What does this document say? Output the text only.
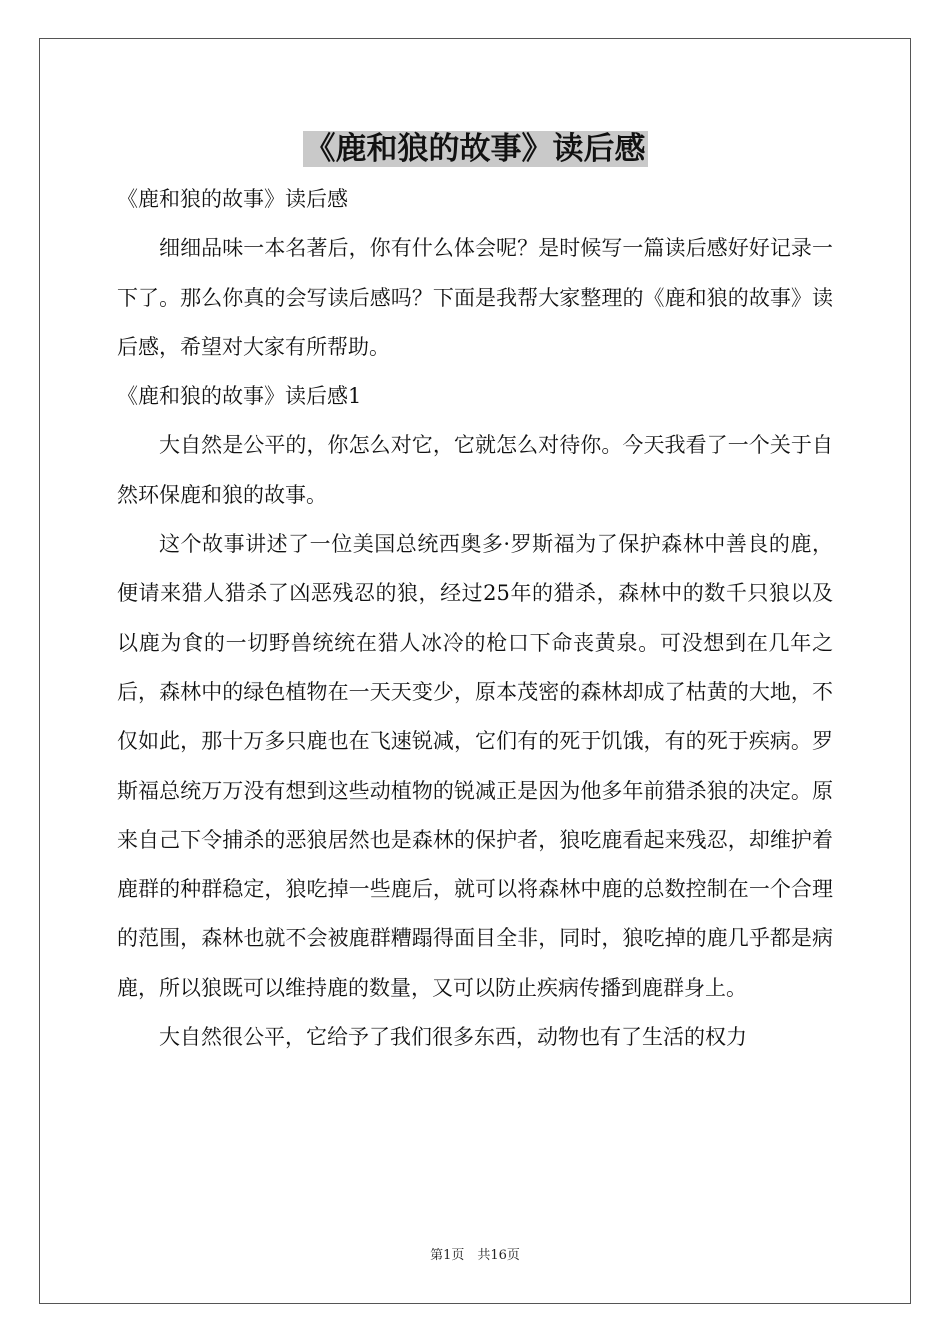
《鹿和狼的故事》读后感

《鹿和狼的故事》读后感

细细品味一本名著后，你有什么体会呢？是时候写一篇读后感好好记录一下了。那么你真的会写读后感吗？下面是我帮大家整理的《鹿和狼的故事》读后感，希望对大家有所帮助。

《鹿和狼的故事》读后感1

大自然是公平的，你怎么对它，它就怎么对待你。今天我看了一个关于自然环保鹿和狼的故事。

这个故事讲述了一位美国总统西奥多·罗斯福为了保护森林中善良的鹿，便请来猎人猎杀了凶恶残忍的狼，经过25年的猎杀，森林中的数千只狼以及以鹿为食的一切野兽统统在猎人冰冷的枪口下命丧黄泉。可没想到在几年之后，森林中的绿色植物在一天天变少，原本茂密的森林却成了枯黄的大地，不仅如此，那十万多只鹿也在飞速锐减，它们有的死于饥饿，有的死于疾病。罗斯福总统万万没有想到这些动植物的锐减正是因为他多年前猎杀狼的决定。原来自己下令捕杀的恶狼居然也是森林的保护者，狼吃鹿看起来残忍，却维护着鹿群的种群稳定，狼吃掉一些鹿后，就可以将森林中鹿的总数控制在一个合理的范围，森林也就不会被鹿群糟蹋得面目全非，同时，狼吃掉的鹿几乎都是病鹿，所以狼既可以维持鹿的数量，又可以防止疾病传播到鹿群身上。

大自然很公平，它给予了我们很多东西，动物也有了生活的权力

第1页　共16页
